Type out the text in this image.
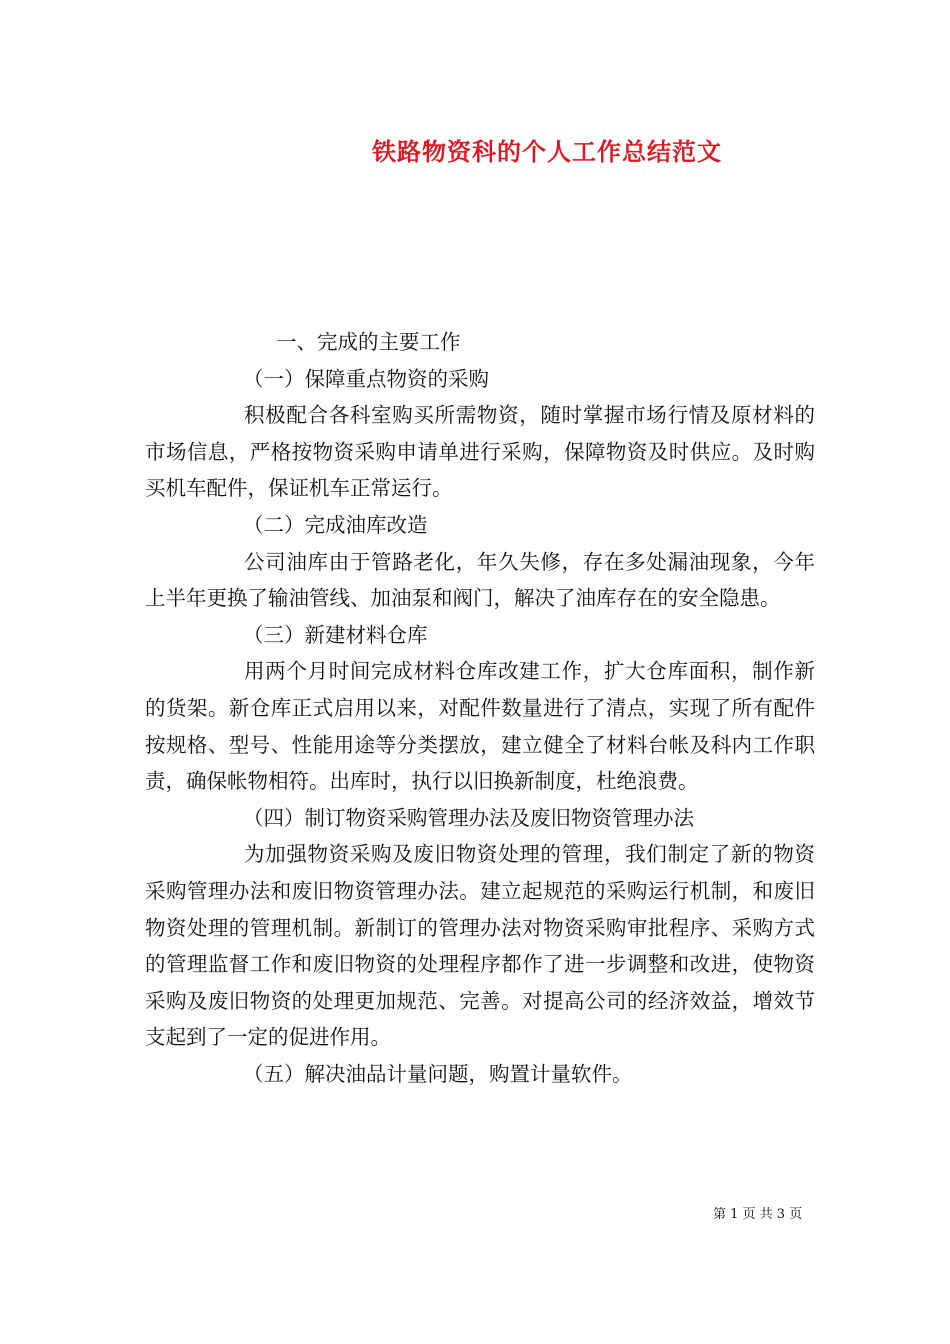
铁路物资科的个人工作总结范文

一、完成的主要工作

（一）保障重点物资的采购

积极配合各科室购买所需物资，随时掌握市场行情及原材料的市场信息，严格按物资采购申请单进行采购，保障物资及时供应。及时购买机车配件，保证机车正常运行。

（二）完成油库改造

公司油库由于管路老化，年久失修，存在多处漏油现象，今年上半年更换了输油管线、加油泵和阀门，解决了油库存在的安全隐患。

（三）新建材料仓库

用两个月时间完成材料仓库改建工作，扩大仓库面积，制作新的货架。新仓库正式启用以来，对配件数量进行了清点，实现了所有配件按规格、型号、性能用途等分类摆放，建立健全了材料台帐及科内工作职责，确保帐物相符。出库时，执行以旧换新制度，杜绝浪费。

（四）制订物资采购管理办法及废旧物资管理办法

为加强物资采购及废旧物资处理的管理，我们制定了新的物资采购管理办法和废旧物资管理办法。建立起规范的采购运行机制，和废旧物资处理的管理机制。新制订的管理办法对物资采购审批程序、采购方式的管理监督工作和废旧物资的处理程序都作了进一步调整和改进，使物资采购及废旧物资的处理更加规范、完善。对提高公司的经济效益，增效节支起到了一定的促进作用。

（五）解决油品计量问题，购置计量软件。

第 1 页 共 3 页
